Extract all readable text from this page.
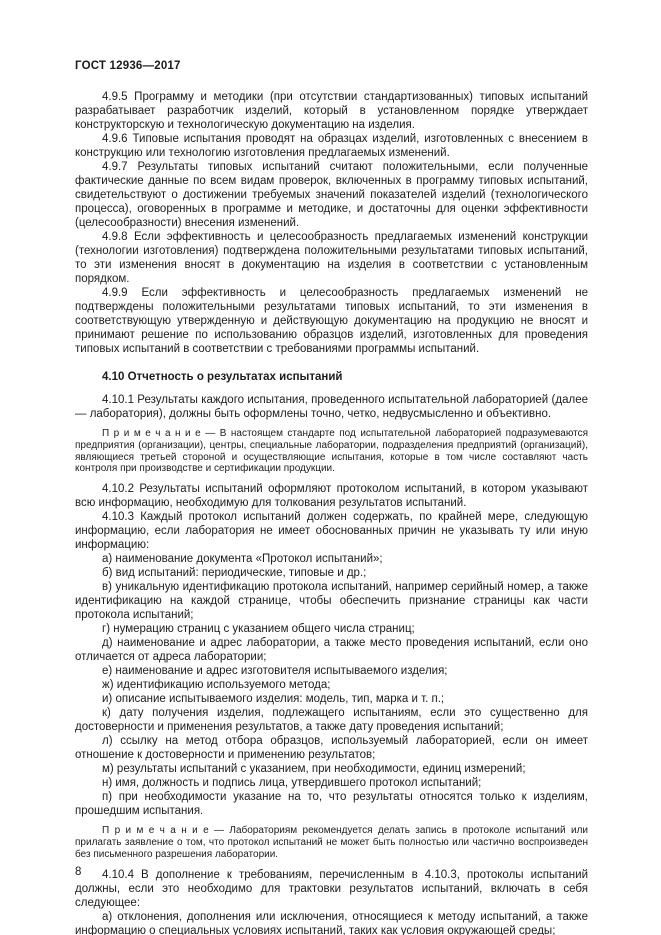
ГОСТ 12936—2017

4.9.5 Программу и методики (при отсутствии стандартизованных) типовых испытаний разрабатывает разработчик изделий, который в установленном порядке утверждает конструкторскую и технологическую документацию на изделия.

4.9.6 Типовые испытания проводят на образцах изделий, изготовленных с внесением в конструкцию или технологию изготовления предлагаемых изменений.

4.9.7 Результаты типовых испытаний считают положительными, если полученные фактические данные по всем видам проверок, включенных в программу типовых испытаний, свидетельствуют о достижении требуемых значений показателей изделий (технологического процесса), оговоренных в программе и методике, и достаточны для оценки эффективности (целесообразности) внесения изменений.

4.9.8 Если эффективность и целесообразность предлагаемых изменений конструкции (технологии изготовления) подтверждена положительными результатами типовых испытаний, то эти изменения вносят в документацию на изделия в соответствии с установленным порядком.

4.9.9 Если эффективность и целесообразность предлагаемых изменений не подтверждены положительными результатами типовых испытаний, то эти изменения в соответствующую утвержденную и действующую документацию на продукцию не вносят и принимают решение по использованию образцов изделий, изготовленных для проведения типовых испытаний в соответствии с требованиями программы испытаний.

4.10 Отчетность о результатах испытаний

4.10.1 Результаты каждого испытания, проведенного испытательной лабораторией (далее — лаборатория), должны быть оформлены точно, четко, недвусмысленно и объективно.

П р и м е ч а н и е — В настоящем стандарте под испытательной лабораторией подразумеваются предприятия (организации), центры, специальные лаборатории, подразделения предприятий (организаций), являющиеся третьей стороной и осуществляющие испытания, которые в том числе составляют часть контроля при производстве и сертификации продукции.

4.10.2 Результаты испытаний оформляют протоколом испытаний, в котором указывают всю информацию, необходимую для толкования результатов испытаний.

4.10.3 Каждый протокол испытаний должен содержать, по крайней мере, следующую информацию, если лаборатория не имеет обоснованных причин не указывать ту или иную информацию:

а) наименование документа «Протокол испытаний»;

б) вид испытаний: периодические, типовые и др.;

в) уникальную идентификацию протокола испытаний, например серийный номер, а также идентификацию на каждой странице, чтобы обеспечить признание страницы как части протокола испытаний;

г) нумерацию страниц с указанием общего числа страниц;

д) наименование и адрес лаборатории, а также место проведения испытаний, если оно отличается от адреса лаборатории;

е) наименование и адрес изготовителя испытываемого изделия;

ж) идентификацию используемого метода;

и) описание испытываемого изделия: модель, тип, марка и т. п.;

к) дату получения изделия, подлежащего испытаниям, если это существенно для достоверности и применения результатов, а также дату проведения испытаний;

л) ссылку на метод отбора образцов, используемый лабораторией, если он имеет отношение к достоверности и применению результатов;

м) результаты испытаний с указанием, при необходимости, единиц измерений;

н) имя, должность и подпись лица, утвердившего протокол испытаний;

п) при необходимости указание на то, что результаты относятся только к изделиям, прошедшим испытания.

П р и м е ч а н и е — Лабораториям рекомендуется делать запись в протоколе испытаний или прилагать заявление о том, что протокол испытаний не может быть полностью или частично воспроизведен без письменного разрешения лаборатории.

4.10.4 В дополнение к требованиям, перечисленным в 4.10.3, протоколы испытаний должны, если это необходимо для трактовки результатов испытаний, включать в себя следующее:

а) отклонения, дополнения или исключения, относящиеся к методу испытаний, а также информацию о специальных условиях испытаний, таких как условия окружающей среды;

8
